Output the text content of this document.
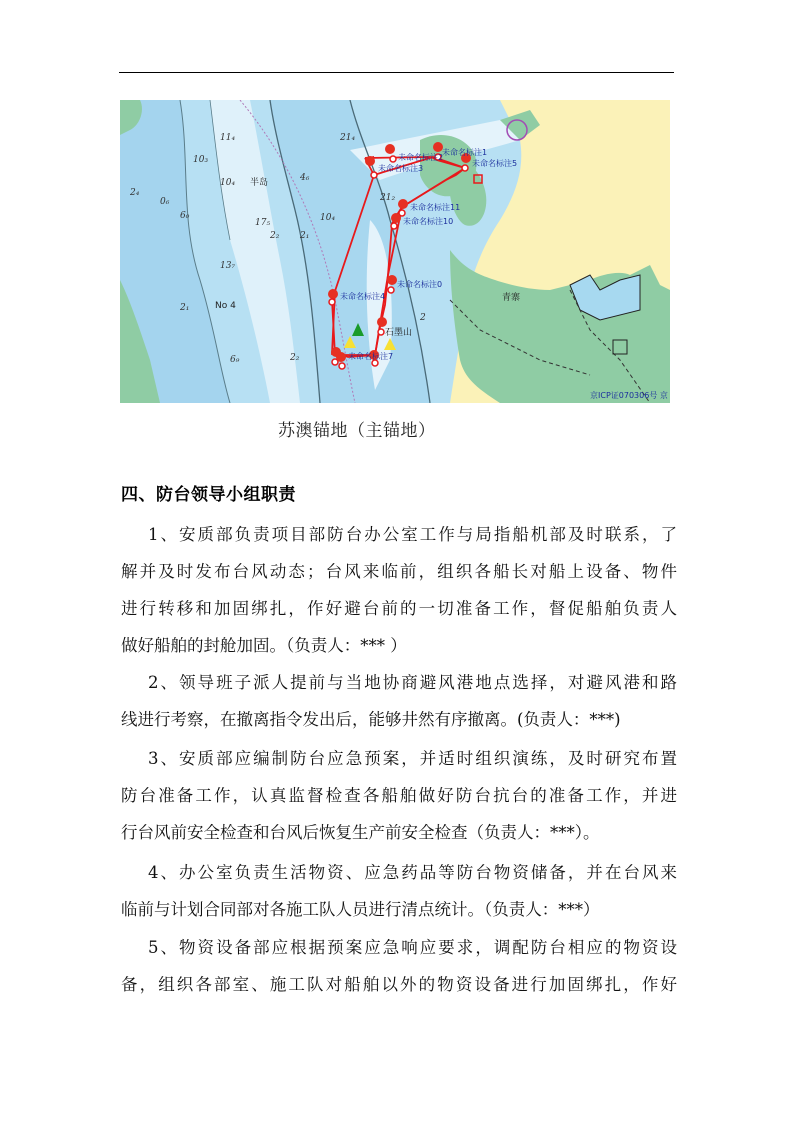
未命名标注2
未命名标注3
未命名标注1
未命名标注5
未命名标注11
未命名标注10
未命名标注4
未命名标注0
未命名标注7
青寨
石墨山
No 4
半岛
11₄
10₃
10₄
2₄
0₆
6₀
17₅
2₂ 2₁
13₇
2₁
6₉	2₂
21₄
21₂
10₄
2
4₆
京ICP证070306号 京
苏澳锚地（主锚地）
四、防台领导小组职责
1、安质部负责项目部防台办公室工作与局指船机部及时联系，了
解并及时发布台风动态；台风来临前，组织各船长对船上设备、物件
进行转移和加固绑扎，作好避台前的一切准备工作，督促船舶负责人
做好船舶的封舱加固。（负责人：*** ）
2、领导班子派人提前与当地协商避风港地点选择，对避风港和路
线进行考察，在撤离指令发出后，能够井然有序撤离。(负责人：***)
3、安质部应编制防台应急预案，并适时组织演练，及时研究布置
防台准备工作，认真监督检查各船舶做好防台抗台的准备工作，并进
行台风前安全检查和台风后恢复生产前安全检查（负责人：***）。
4、办公室负责生活物资、应急药品等防台物资储备，并在台风来
临前与计划合同部对各施工队人员进行清点统计。（负责人：***）
5、物资设备部应根据预案应急响应要求，调配防台相应的物资设
备，组织各部室、施工队对船舶以外的物资设备进行加固绑扎，作好
